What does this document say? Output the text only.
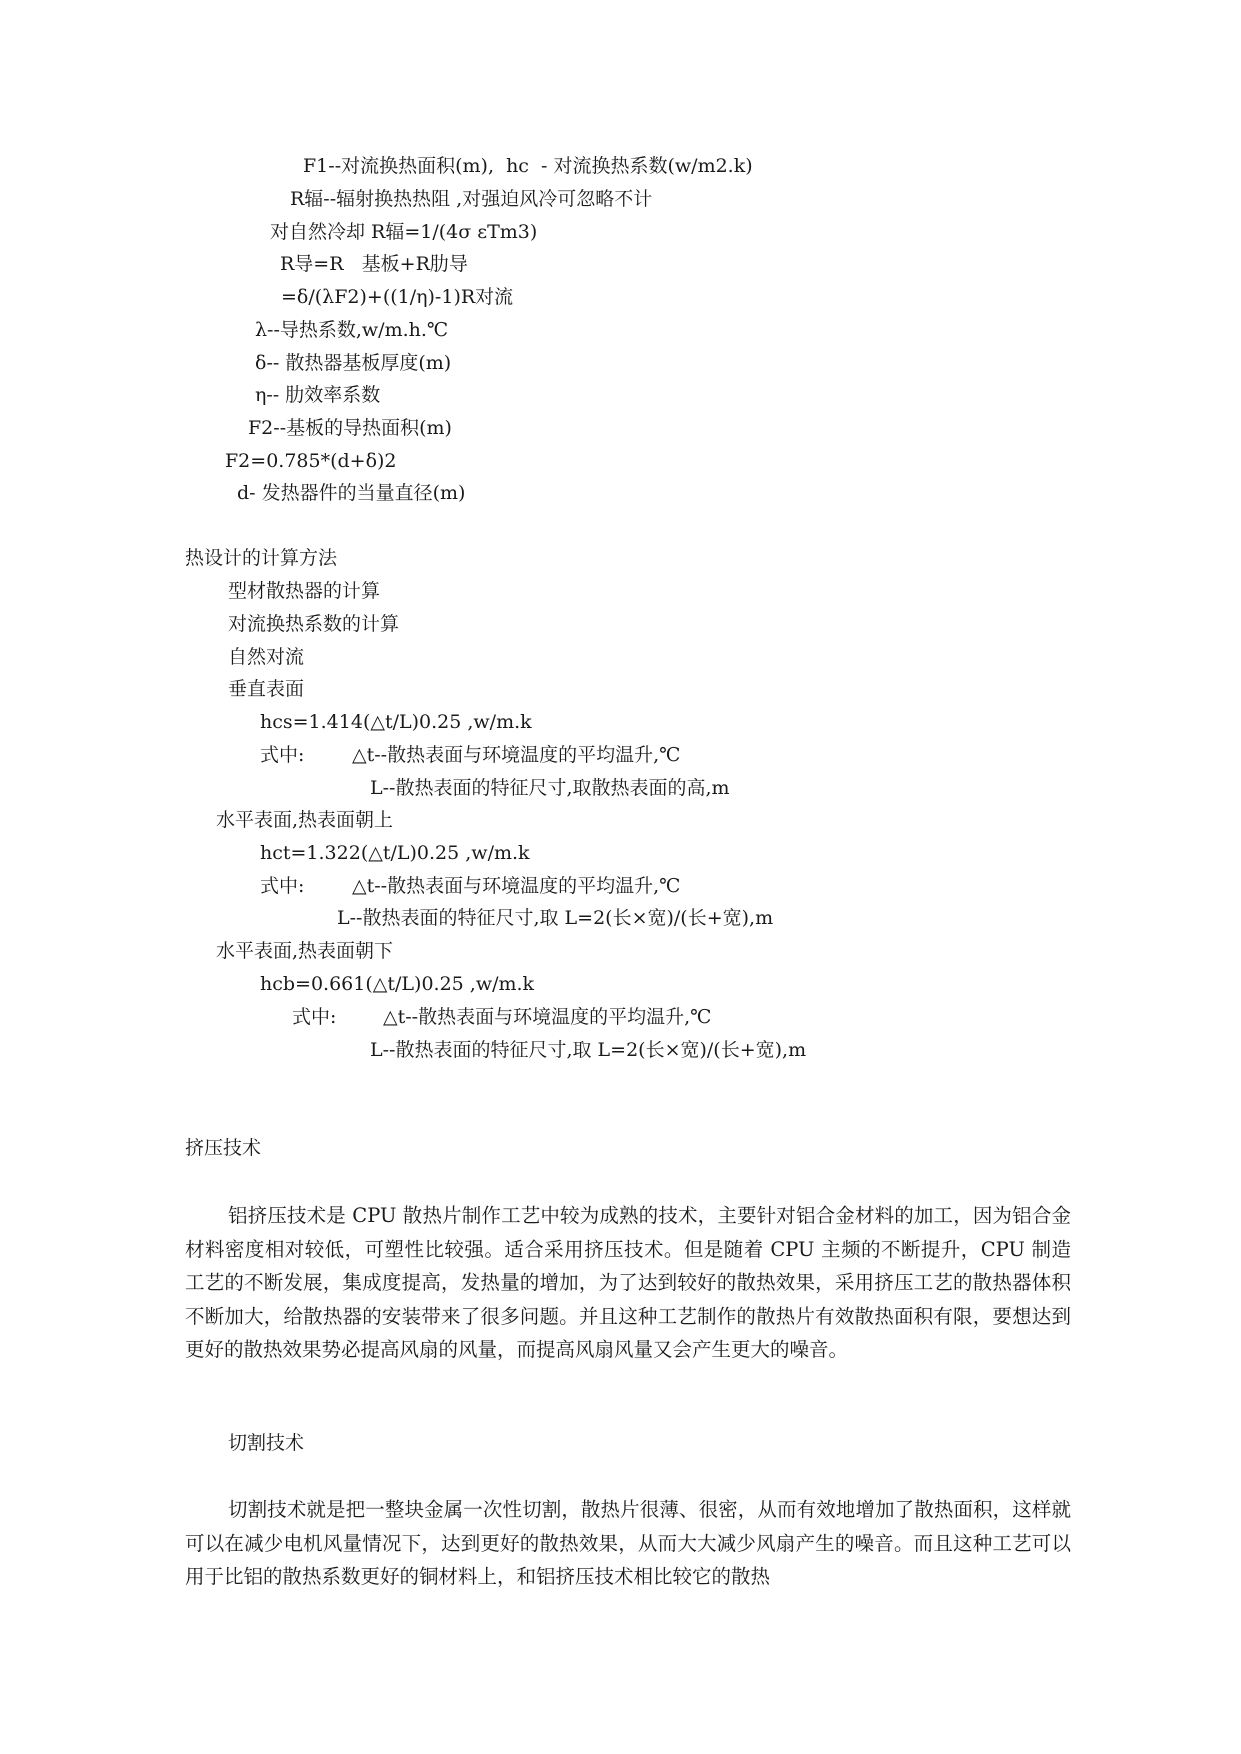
F1--对流换热面积(m),  hc  - 对流换热系数(w/m2.k)

R辐--辐射换热热阻 ,对强迫风冷可忽略不计

对自然冷却 R辐=1/(4σ εTm3)

R导=R   基板+R肋导

=δ/(λF2)+((1/η)-1)R对流

λ--导热系数,w/m.h.℃

δ-- 散热器基板厚度(m)

η-- 肋效率系数

F2--基板的导热面积(m)

F2=0.785*(d+δ)2

d- 发热器件的当量直径(m)

热设计的计算方法

型材散热器的计算

对流换热系数的计算

自然对流

垂直表面

hcs=1.414(△t/L)0.25 ,w/m.k

式中:	△t--散热表面与环境温度的平均温升,℃

L--散热表面的特征尺寸,取散热表面的高,m

水平表面,热表面朝上

hct=1.322(△t/L)0.25 ,w/m.k

式中:	△t--散热表面与环境温度的平均温升,℃

L--散热表面的特征尺寸,取 L=2(长×宽)/(长+宽),m

水平表面,热表面朝下

hcb=0.661(△t/L)0.25 ,w/m.k

式中: △t--散热表面与环境温度的平均温升,℃

L--散热表面的特征尺寸,取 L=2(长×宽)/(长+宽),m

挤压技术

铝挤压技术是 CPU 散热片制作工艺中较为成熟的技术，主要针对铝合金材料的加工，因为铝合金材料密度相对较低，可塑性比较强。适合采用挤压技术。但是随着 CPU 主频的不断提升，CPU 制造工艺的不断发展，集成度提高，发热量的增加，为了达到较好的散热效果，采用挤压工艺的散热器体积不断加大，给散热器的安装带来了很多问题。并且这种工艺制作的散热片有效散热面积有限，要想达到更好的散热效果势必提高风扇的风量，而提高风扇风量又会产生更大的噪音。

切割技术

切割技术就是把一整块金属一次性切割，散热片很薄、很密，从而有效地增加了散热面积，这样就可以在减少电机风量情况下，达到更好的散热效果，从而大大减少风扇产生的噪音。而且这种工艺可以用于比铝的散热系数更好的铜材料上，和铝挤压技术相比较它的散热
